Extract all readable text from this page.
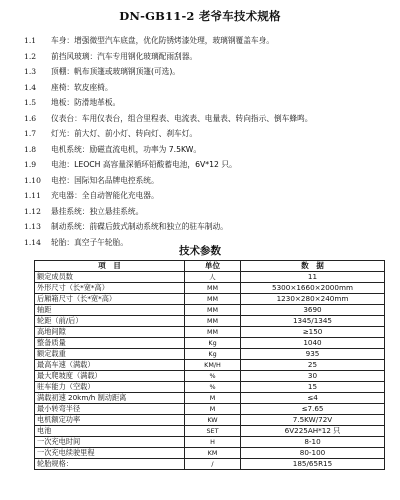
DN-GB11-2 老爷车技术规格
1.1	车身：增强微型汽车底盘，优化防锈烤漆处理，玻璃钢覆盖车身。
1.2	前挡风玻璃：汽车专用钢化玻璃配雨刮器。
1.3	顶棚：帆布顶篷或玻璃钢顶篷(可选)。
1.4	座椅：软皮座椅。
1.5	地板：防滑地革板。
1.6	仪表台：车用仪表台，组合里程表、电流表、电量表、转向指示、倒车蜂鸣。
1.7	灯光：前大灯、前小灯、转向灯、刹车灯。
1.8	电机系统：励磁直流电机，功率为 7.5KW。
1.9	电池：LEOCH 高容量深循环铅酸蓄电池，6V*12 只。
1.10	电控：国际知名品牌电控系统。
1.11	充电器：全自动智能化充电器。
1.12	悬挂系统：独立悬挂系统。
1.13	制动系统：前碟后鼓式制动系统和独立的驻车制动。
1.14	轮胎：真空子午轮胎。
技术参数
项　目	单位	数　据
额定成员数	人	11
外形尺寸（长*宽*高）	MM	5300×1660×2000mm
后厢箱尺寸（长*宽*高）	MM	1230×280×240mm
轴距	MM	3690
轮距（前/后）	MM	1345/1345
高地间隙	MM	≥150
整备质量	Kg	1040
额定载重	Kg	935
最高车速（满载）	KM/H	25
最大爬坡度（满载）	%	30
驻车能力（空载）	%	15
满载初速 20km/h 制动距离	M	≤4
最小转弯半径	M	≤7.65
电机额定功率	KW	7.5KW/72V
电池	SET	6V225AH*12 只
一次充电时间	H	8-10
一次充电续驶里程	KM	80-100
轮胎规格：	/	185/65R15
